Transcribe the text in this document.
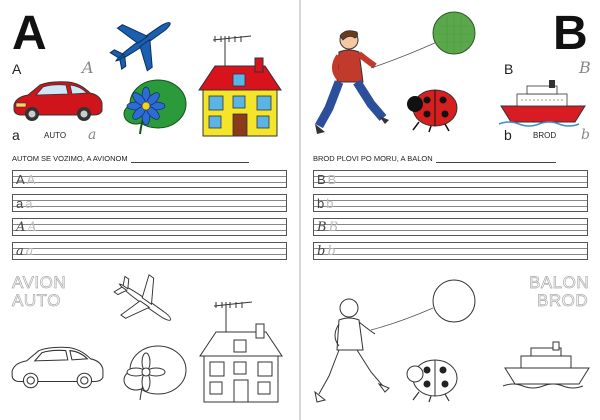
A
A	A
a	AUTO a
AUTOM SE VOZIMO, A AVIONOM
A A
a a
A A
a a
AVION
AUTO
B
B	B
b	BROD b
BROD PLOVI PO MORU, A BALON
B B
b b
B B
b b
BALON
BROD
